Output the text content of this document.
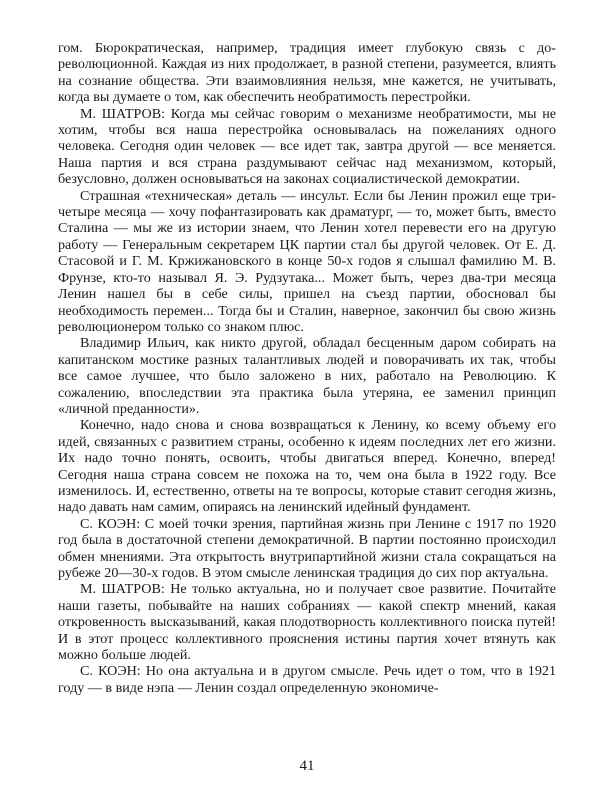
гом. Бюрократическая, например, традиция имеет глубокую связь с дореволюционной. Каждая из них продолжает, в разной степени, разумеется, влиять на сознание общества. Эти взаимовлияния нельзя, мне кажется, не учитывать, когда вы думаете о том, как обеспечить необратимость перестройки.

М. ШАТРОВ: Когда мы сейчас говорим о механизме необратимости, мы не хотим, чтобы вся наша перестройка основывалась на пожеланиях одного человека. Сегодня один человек — все идет так, завтра другой — все меняется. Наша партия и вся страна раздумывают сейчас над механизмом, который, безусловно, должен основываться на законах социалистической демократии.

Страшная «техническая» деталь — инсульт. Если бы Ленин прожил еще три-четыре месяца — хочу пофантазировать как драматург, — то, может быть, вместо Сталина — мы же из истории знаем, что Ленин хотел перевести его на другую работу — Генеральным секретарем ЦК партии стал бы другой человек. От Е. Д. Стасовой и Г. М. Кржижановского в конце 50-х годов я слышал фамилию М. В. Фрунзе, кто-то называл Я. Э. Рудзутака... Может быть, через два-три месяца Ленин нашел бы в себе силы, пришел на съезд партии, обосновал бы необходимость перемен... Тогда бы и Сталин, наверное, закончил бы свою жизнь революционером только со знаком плюс.

Владимир Ильич, как никто другой, обладал бесценным даром собирать на капитанском мостике разных талантливых людей и поворачивать их так, чтобы все самое лучшее, что было заложено в них, работало на Революцию. К сожалению, впоследствии эта практика была утеряна, ее заменил принцип «личной преданности».

Конечно, надо снова и снова возвращаться к Ленину, ко всему объему его идей, связанных с развитием страны, особенно к идеям последних лет его жизни. Их надо точно понять, освоить, чтобы двигаться вперед. Конечно, вперед! Сегодня наша страна совсем не похожа на то, чем она была в 1922 году. Все изменилось. И, естественно, ответы на те вопросы, которые ставит сегодня жизнь, надо давать нам самим, опираясь на ленинский идейный фундамент.

С. КОЭН: С моей точки зрения, партийная жизнь при Ленине с 1917 по 1920 год была в достаточной степени демократичной. В партии постоянно происходил обмен мнениями. Эта открытость внутрипартийной жизни стала сокращаться на рубеже 20—30-х годов. В этом смысле ленинская традиция до сих пор актуальна.

М. ШАТРОВ: Не только актуальна, но и получает свое развитие. Почитайте наши газеты, побывайте на наших собраниях — какой спектр мнений, какая откровенность высказываний, какая плодотворность коллективного поиска путей! И в этот процесс коллективного прояснения истины партия хочет втянуть как можно больше людей.

С. КОЭН: Но она актуальна и в другом смысле. Речь идет о том, что в 1921 году — в виде нэпа — Ленин создал определенную экономиче-

41
